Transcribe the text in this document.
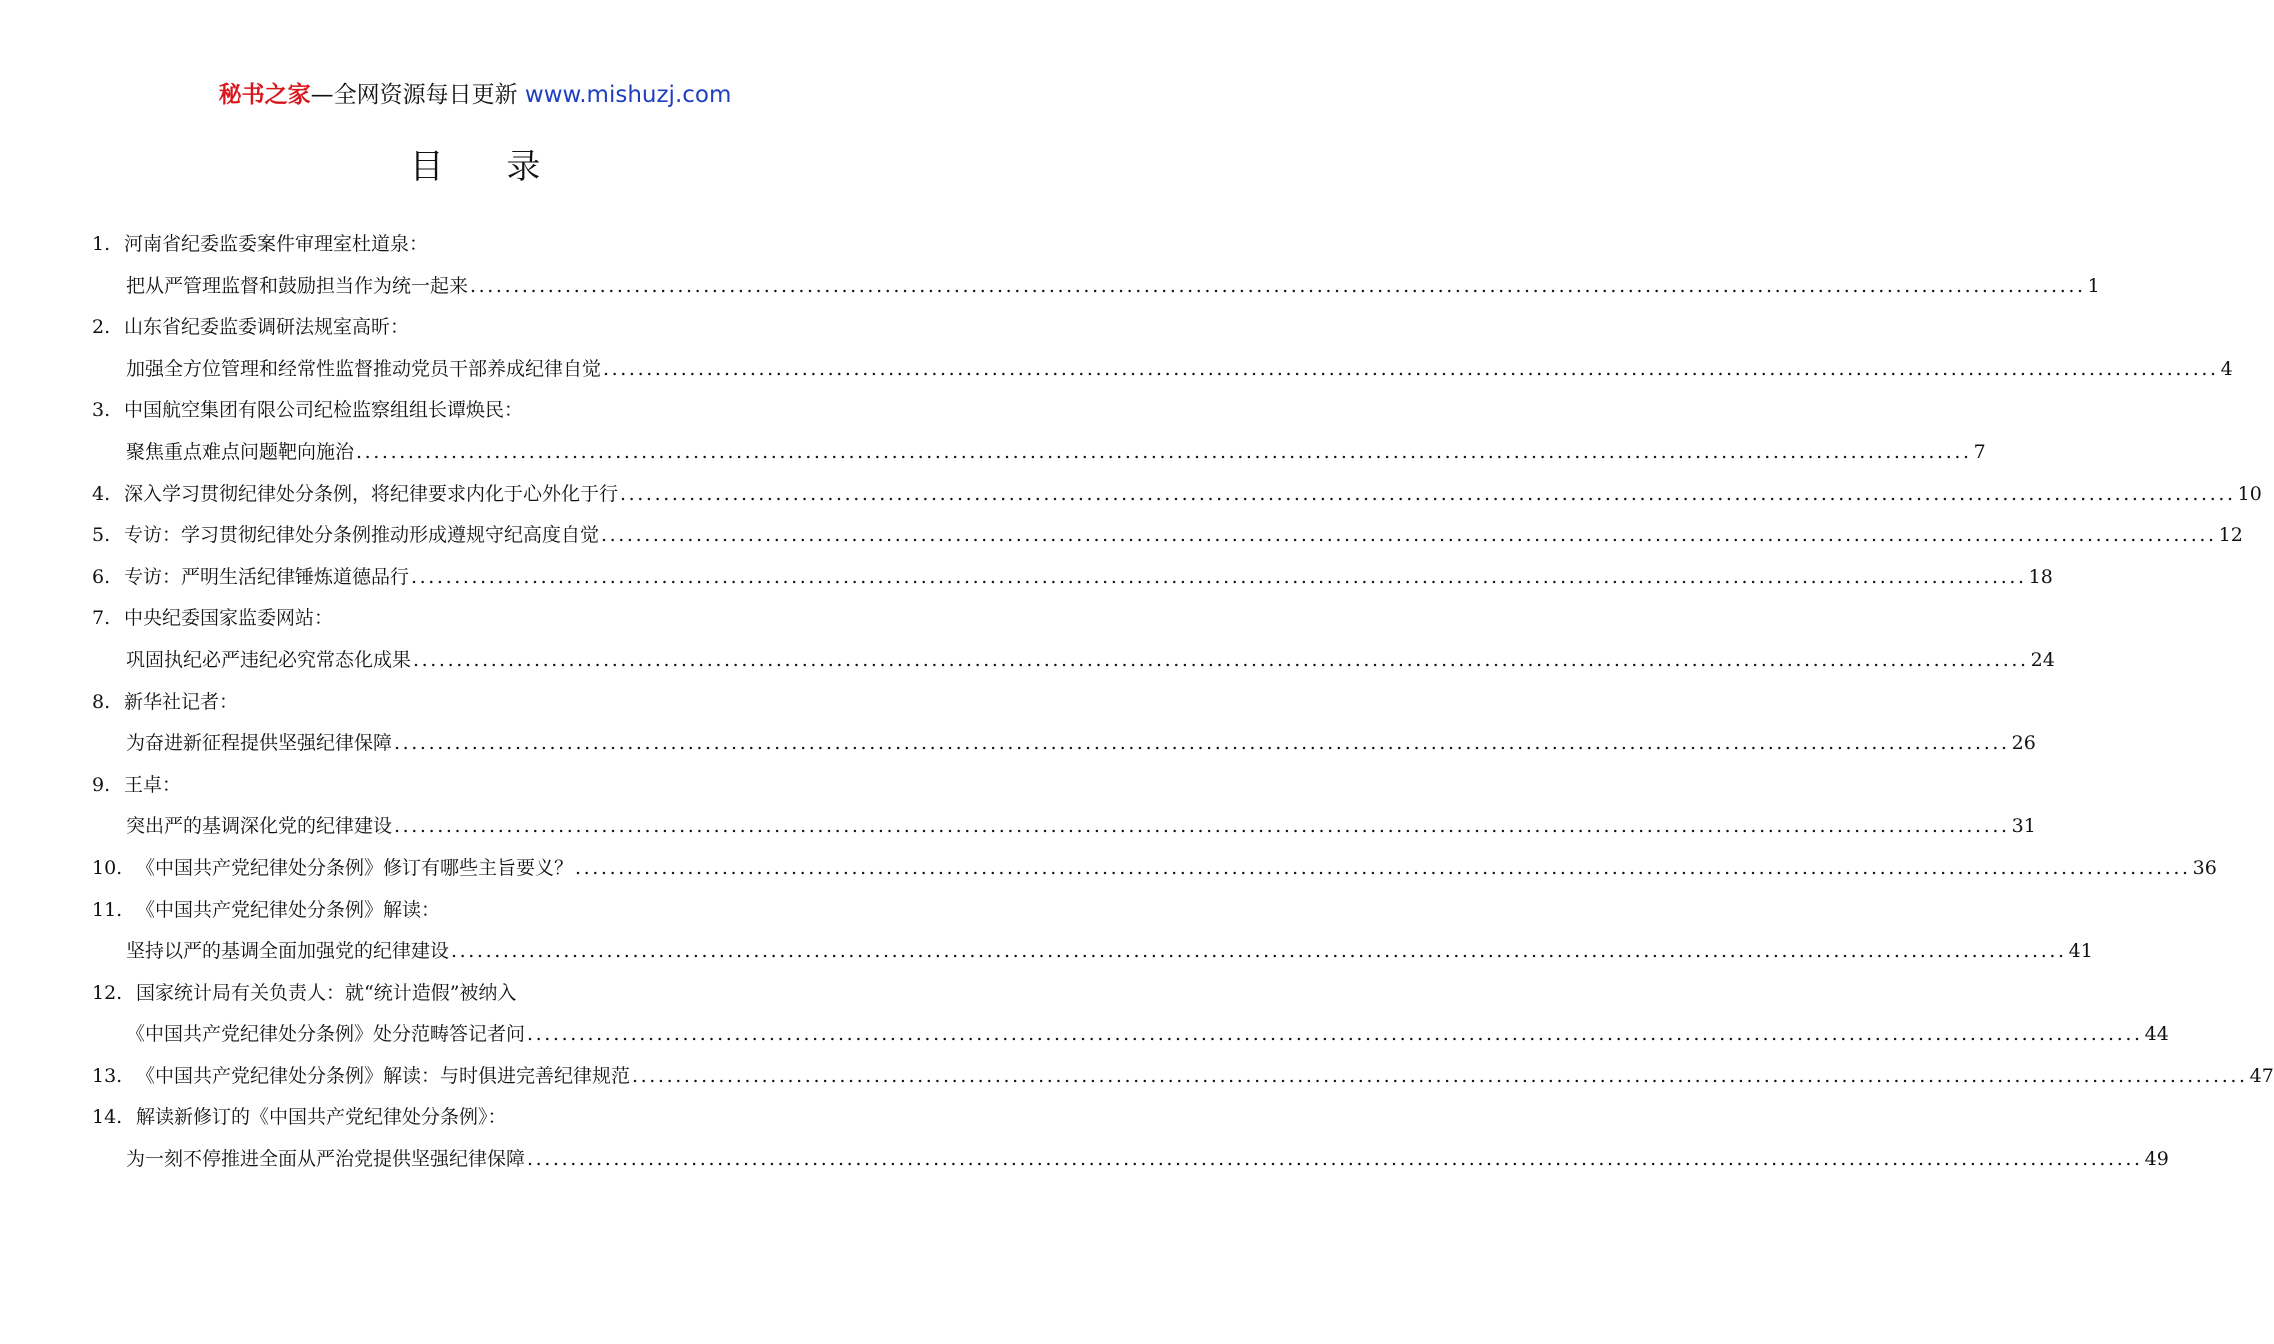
秘书之家—全网资源每日更新 www.mishuzj.com
目 录
1. 河南省纪委监委案件审理室杜道泉：
把从严管理监督和鼓励担当作为统一起来 ........................................................................................................................................................................................... 1
2. 山东省纪委监委调研法规室高昕：
加强全方位管理和经常性监督推动党员干部养成纪律自觉 ........................................................................................................................................................................................... 4
3. 中国航空集团有限公司纪检监察组组长谭焕民：
聚焦重点难点问题靶向施治 ........................................................................................................................................................................................... 7
4. 深入学习贯彻纪律处分条例，将纪律要求内化于心外化于行 ........................................................................................................................................................................................... 10
5. 专访：学习贯彻纪律处分条例推动形成遵规守纪高度自觉 ........................................................................................................................................................................................... 12
6. 专访：严明生活纪律锤炼道德品行 ........................................................................................................................................................................................... 18
7. 中央纪委国家监委网站：
巩固执纪必严违纪必究常态化成果 ........................................................................................................................................................................................... 24
8. 新华社记者：
为奋进新征程提供坚强纪律保障 ........................................................................................................................................................................................... 26
9. 王卓：
突出严的基调深化党的纪律建设 ........................................................................................................................................................................................... 31
10. 《中国共产党纪律处分条例》修订有哪些主旨要义？ ........................................................................................................................................................................................... 36
11. 《中国共产党纪律处分条例》解读：
坚持以严的基调全面加强党的纪律建设 ........................................................................................................................................................................................... 41
12. 国家统计局有关负责人：就“统计造假”被纳入
《中国共产党纪律处分条例》处分范畴答记者问 ........................................................................................................................................................................................... 44
13. 《中国共产党纪律处分条例》解读：与时俱进完善纪律规范 ........................................................................................................................................................................................... 47
14. 解读新修订的《中国共产党纪律处分条例》：
为一刻不停推进全面从严治党提供坚强纪律保障 ........................................................................................................................................................................................... 49
